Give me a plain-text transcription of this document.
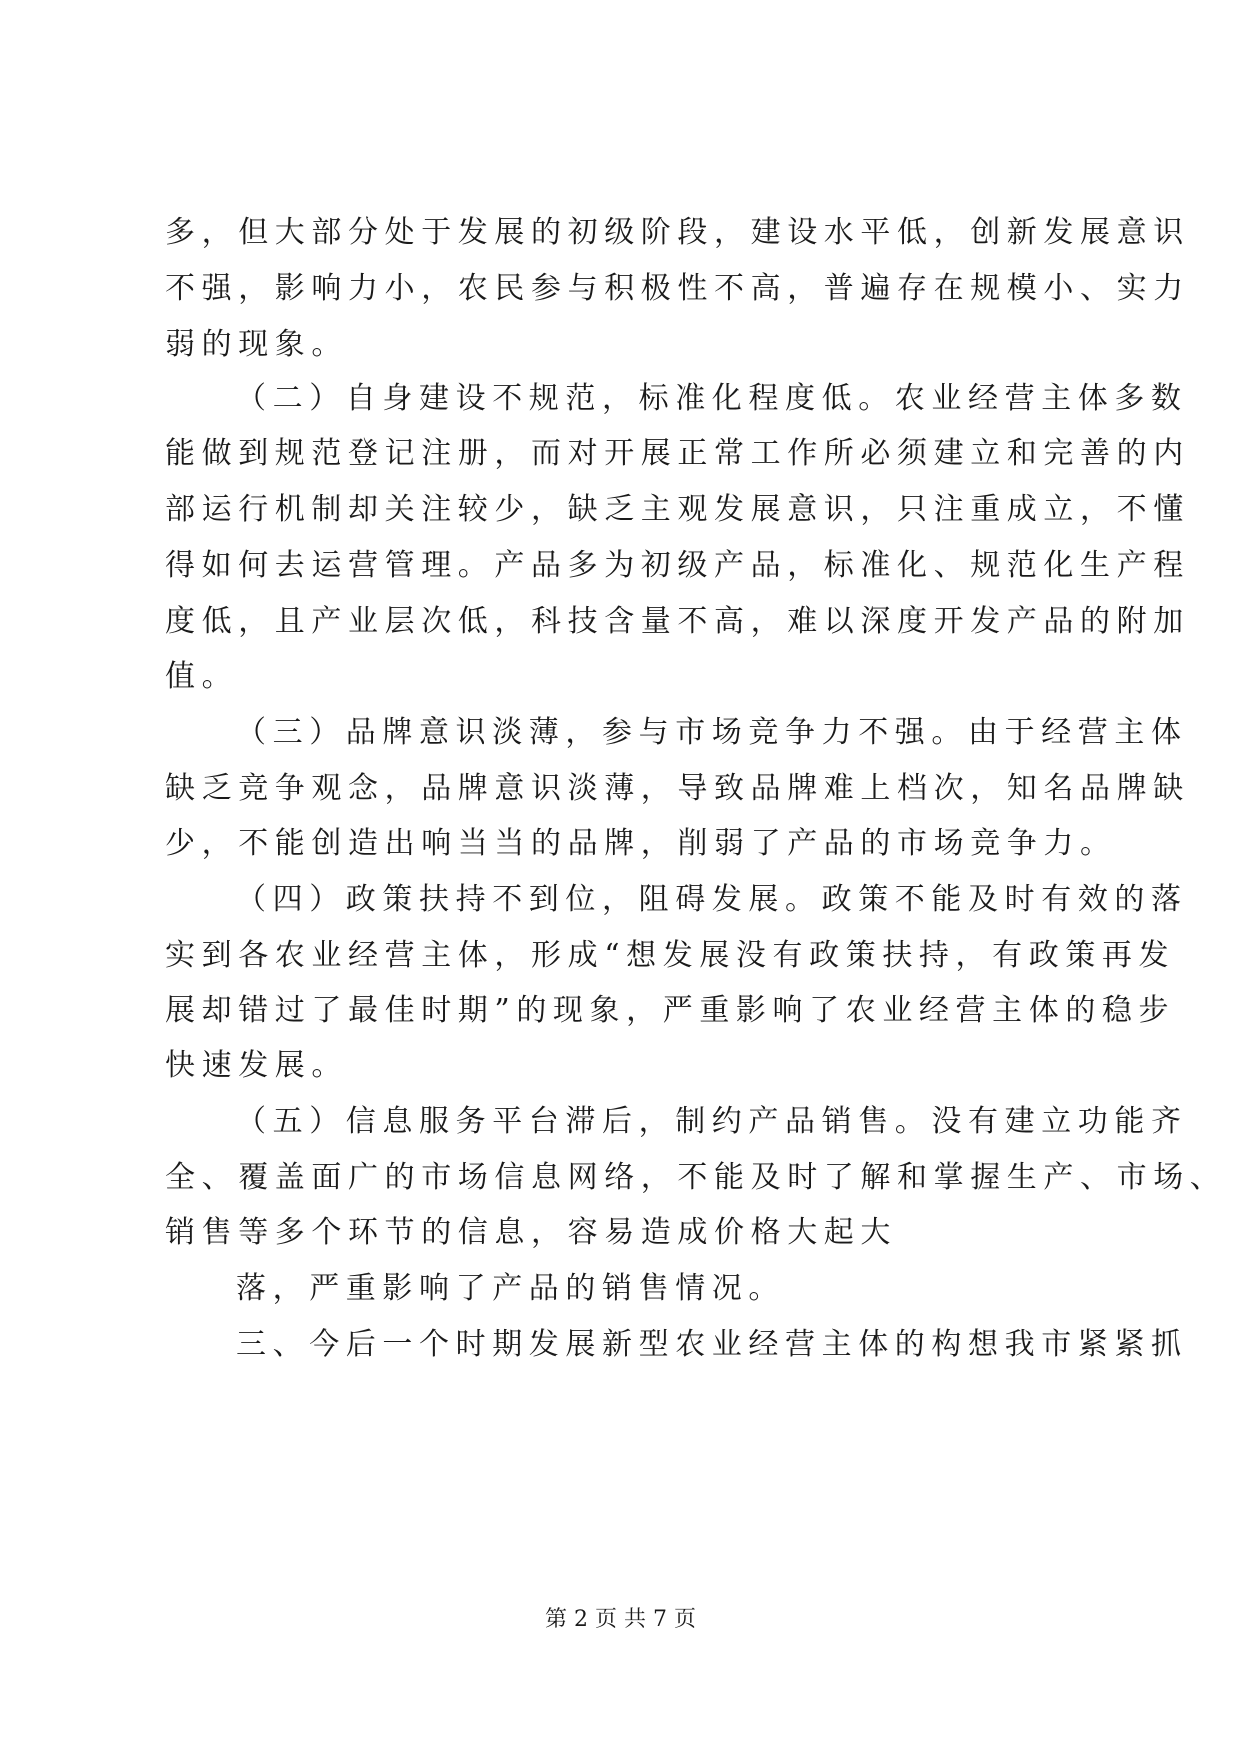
多，但大部分处于发展的初级阶段，建设水平低，创新发展意识
不强，影响力小，农民参与积极性不高，普遍存在规模小、实力
弱的现象。
（二）自身建设不规范，标准化程度低。农业经营主体多数
能做到规范登记注册，而对开展正常工作所必须建立和完善的内
部运行机制却关注较少，缺乏主观发展意识，只注重成立，不懂
得如何去运营管理。产品多为初级产品，标准化、规范化生产程
度低，且产业层次低，科技含量不高，难以深度开发产品的附加
值。
（三）品牌意识淡薄，参与市场竞争力不强。由于经营主体
缺乏竞争观念，品牌意识淡薄，导致品牌难上档次，知名品牌缺
少，不能创造出响当当的品牌，削弱了产品的市场竞争力。
（四）政策扶持不到位，阻碍发展。政策不能及时有效的落
实到各农业经营主体，形成“想发展没有政策扶持，有政策再发
展却错过了最佳时期”的现象，严重影响了农业经营主体的稳步
快速发展。
（五）信息服务平台滞后，制约产品销售。没有建立功能齐
全、覆盖面广的市场信息网络，不能及时了解和掌握生产、市场、
销售等多个环节的信息，容易造成价格大起大
落，严重影响了产品的销售情况。
三、今后一个时期发展新型农业经营主体的构想我市紧紧抓
第 2 页 共 7 页
